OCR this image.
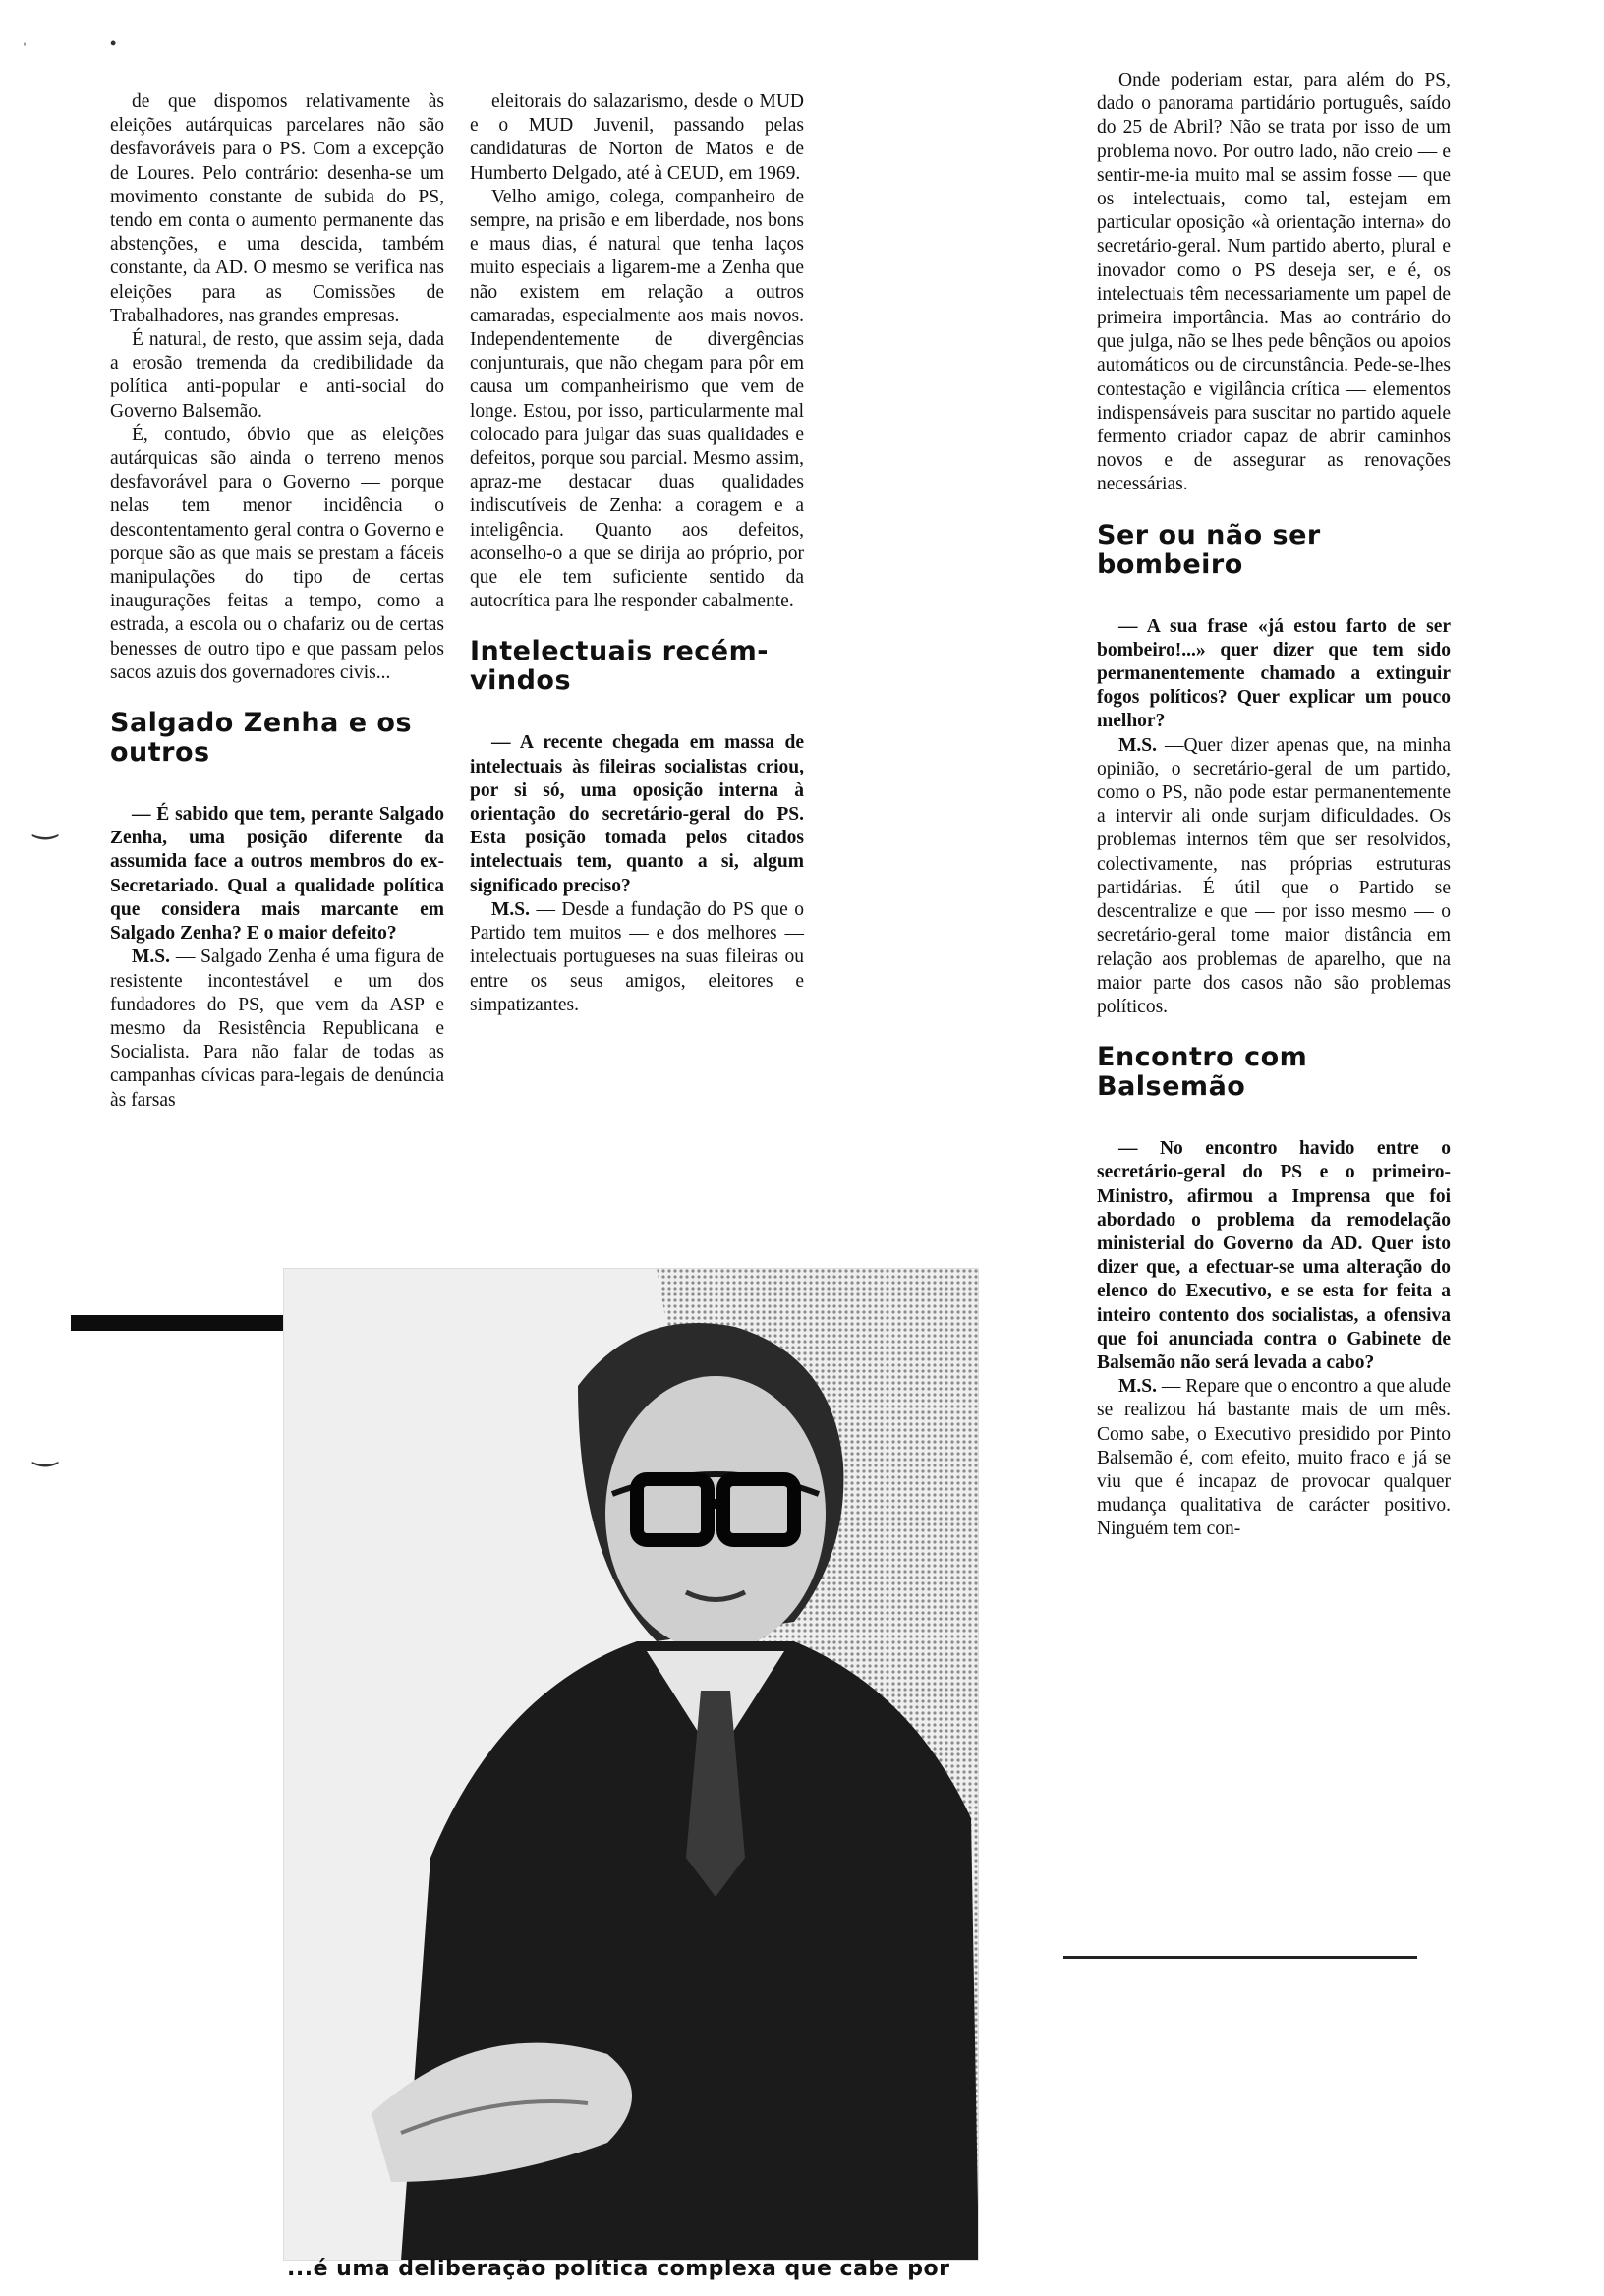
ˈ	•
‿
‿

de que dispomos relativamente às eleições autárquicas parcelares não são desfavoráveis para o PS. Com a excepção de Loures. Pelo contrário: desenha-se um movimento constante de subida do PS, tendo em conta o aumento permanente das abstenções, e uma descida, também constante, da AD. O mesmo se verifica nas eleições para as Comissões de Trabalhadores, nas grandes empresas.

É natural, de resto, que assim seja, dada a erosão tremenda da credibilidade da política anti-popular e anti-social do Governo Balsemão.

É, contudo, óbvio que as eleições autárquicas são ainda o terreno menos desfavorável para o Governo — porque nelas tem menor incidência o descontentamento geral contra o Governo e porque são as que mais se prestam a fáceis manipulações do tipo de certas inaugurações feitas a tempo, como a estrada, a escola ou o chafariz ou de certas benesses de outro tipo e que passam pelos sacos azuis dos governadores civis...

Salgado Zenha e os outros

— É sabido que tem, perante Salgado Zenha, uma posição diferente da assumida face a outros membros do ex-Secretariado. Qual a qualidade política que considera mais marcante em Salgado Zenha? E o maior defeito?

M.S. — Salgado Zenha é uma figura de resistente incontestável e um dos fundadores do PS, que vem da ASP e mesmo da Resistência Republicana e Socialista. Para não falar de todas as campanhas cívicas para-legais de denúncia às farsas

eleitorais do salazarismo, desde o MUD e o MUD Juvenil, passando pelas candidaturas de Norton de Matos e de Humberto Delgado, até à CEUD, em 1969.

Velho amigo, colega, companheiro de sempre, na prisão e em liberdade, nos bons e maus dias, é natural que tenha laços muito especiais a ligarem-me a Zenha que não existem em relação a outros camaradas, especialmente aos mais novos. Independentemente de divergências conjunturais, que não chegam para pôr em causa um companheirismo que vem de longe. Estou, por isso, particularmente mal colocado para julgar das suas qualidades e defeitos, porque sou parcial. Mesmo assim, apraz-me destacar duas qualidades indiscutíveis de Zenha: a coragem e a inteligência. Quanto aos defeitos, aconselho-o a que se dirija ao próprio, por que ele tem suficiente sentido da autocrítica para lhe responder cabalmente.

Intelectuais recém-vindos

— A recente chegada em massa de intelectuais às fileiras socialistas criou, por si só, uma oposição interna à orientação do secretário-geral do PS. Esta posição tomada pelos citados intelectuais tem, quanto a si, algum significado preciso?

M.S. — Desde a fundação do PS que o Partido tem muitos — e dos melhores — intelectuais portugueses na suas fileiras ou entre os seus amigos, eleitores e simpatizantes.

Onde poderiam estar, para além do PS, dado o panorama partidário português, saído do 25 de Abril? Não se trata por isso de um problema novo. Por outro lado, não creio — e sentir-me-ia muito mal se assim fosse — que os intelectuais, como tal, estejam em particular oposição «à orientação interna» do secretário-geral. Num partido aberto, plural e inovador como o PS deseja ser, e é, os intelectuais têm necessariamente um papel de primeira importância. Mas ao contrário do que julga, não se lhes pede bênçãos ou apoios automáticos ou de circunstância. Pede-se-lhes contestação e vigilância crítica — elementos indispensáveis para suscitar no partido aquele fermento criador capaz de abrir caminhos novos e de assegurar as renovações necessárias.

Ser ou não ser bombeiro

— A sua frase «já estou farto de ser bombeiro!...» quer dizer que tem sido permanentemente chamado a extinguir fogos políticos? Quer explicar um pouco melhor?

M.S. —Quer dizer apenas que, na minha opinião, o secretário-geral de um partido, como o PS, não pode estar permanentemente a intervir ali onde surjam dificuldades. Os problemas internos têm que ser resolvidos, colectivamente, nas próprias estruturas partidárias. É útil que o Partido se descentralize e que — por isso mesmo — o secretário-geral tome maior distância em relação aos problemas de aparelho, que na maior parte dos casos não são problemas políticos.

Encontro com Balsemão

— No encontro havido entre o secretário-geral do PS e o primeiro-Ministro, afirmou a Imprensa que foi abordado o problema da remodelação ministerial do Governo da AD. Quer isto dizer que, a efectuar-se uma alteração do elenco do Executivo, e se esta for feita a inteiro contento dos socialistas, a ofensiva que foi anunciada contra o Gabinete de Balsemão não será levada a cabo?

M.S. — Repare que o encontro a que alude se realizou há bastante mais de um mês. Como sabe, o Executivo presidido por Pinto Balsemão é, com efeito, muito fraco e já se viu que é incapaz de provocar qualquer mudança qualitativa de carácter positivo. Ninguém tem con-

...é uma deliberação política complexa que cabe por
